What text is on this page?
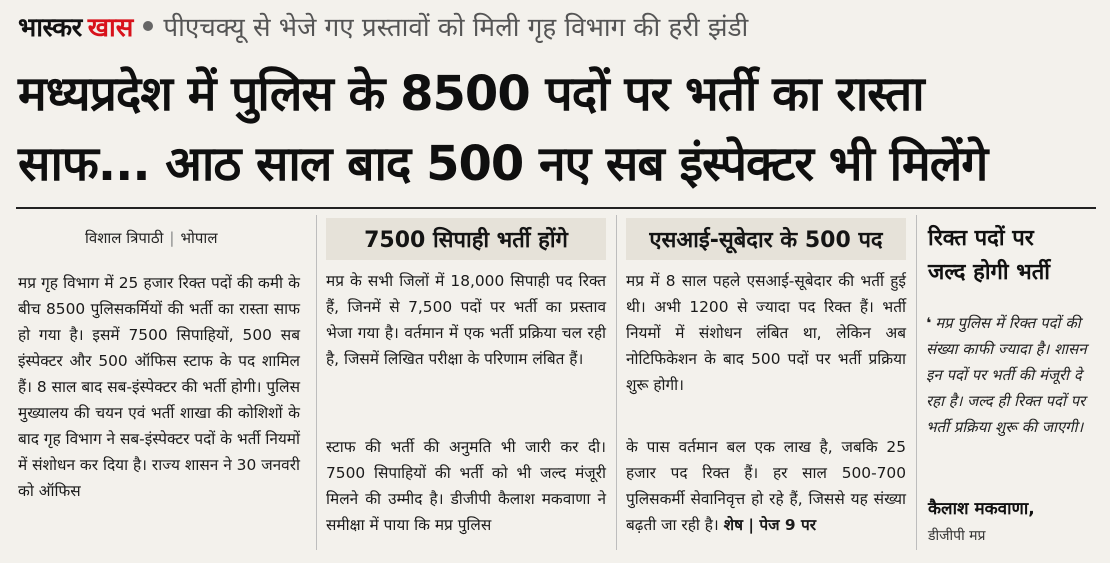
भास्कर खास पीएचक्यू से भेजे गए प्रस्तावों को मिली गृह विभाग की हरी झंडी
मध्यप्रदेश में पुलिस के 8500 पदों पर भर्ती का रास्ता
साफ... आठ साल बाद 500 नए सब इंस्पेक्टर भी मिलेंगे
विशाल त्रिपाठी | भोपाल
मप्र गृह विभाग में 25 हजार रिक्त पदों की कमी के बीच 8500 पुलिसकर्मियों की भर्ती का रास्ता साफ हो गया है। इसमें 7500 सिपाहियों, 500 सब इंस्पेक्टर और 500 ऑफिस स्टाफ के पद शामिल हैं। 8 साल बाद सब-इंस्पेक्टर की भर्ती होगी। पुलिस मुख्यालय की चयन एवं भर्ती शाखा की कोशिशों के बाद गृह विभाग ने सब-इंस्पेक्टर पदों के भर्ती नियमों में संशोधन कर दिया है। राज्य शासन ने 30 जनवरी को ऑफिस
7500 सिपाही भर्ती होंगे
मप्र के सभी जिलों में 18,000 सिपाही पद रिक्त हैं, जिनमें से 7,500 पदों पर भर्ती का प्रस्ताव भेजा गया है। वर्तमान में एक भर्ती प्रक्रिया चल रही है, जिसमें लिखित परीक्षा के परिणाम लंबित हैं।
स्टाफ की भर्ती की अनुमति भी जारी कर दी। 7500 सिपाहियों की भर्ती को भी जल्द मंजूरी मिलने की उम्मीद है। डीजीपी कैलाश मकवाणा ने समीक्षा में पाया कि मप्र पुलिस
एसआई-सूबेदार के 500 पद
मप्र में 8 साल पहले एसआई-सूबेदार की भर्ती हुई थी। अभी 1200 से ज्यादा पद रिक्त हैं। भर्ती नियमों में संशोधन लंबित था, लेकिन अब नोटिफिकेशन के बाद 500 पदों पर भर्ती प्रक्रिया शुरू होगी।
के पास वर्तमान बल एक लाख है, जबकि 25 हजार पद रिक्त हैं। हर साल 500-700 पुलिसकर्मी सेवानिवृत्त हो रहे हैं, जिससे यह संख्या बढ़ती जा रही है। शेष | पेज 9 पर
रिक्त पदों पर
जल्द होगी भर्ती
❛ मप्र पुलिस में रिक्त पदों की संख्या काफी ज्यादा है। शासन इन पदों पर भर्ती की मंजूरी दे रहा है। जल्द ही रिक्त पदों पर भर्ती प्रक्रिया शुरू की जाएगी।
कैलाश मकवाणा,
डीजीपी मप्र
